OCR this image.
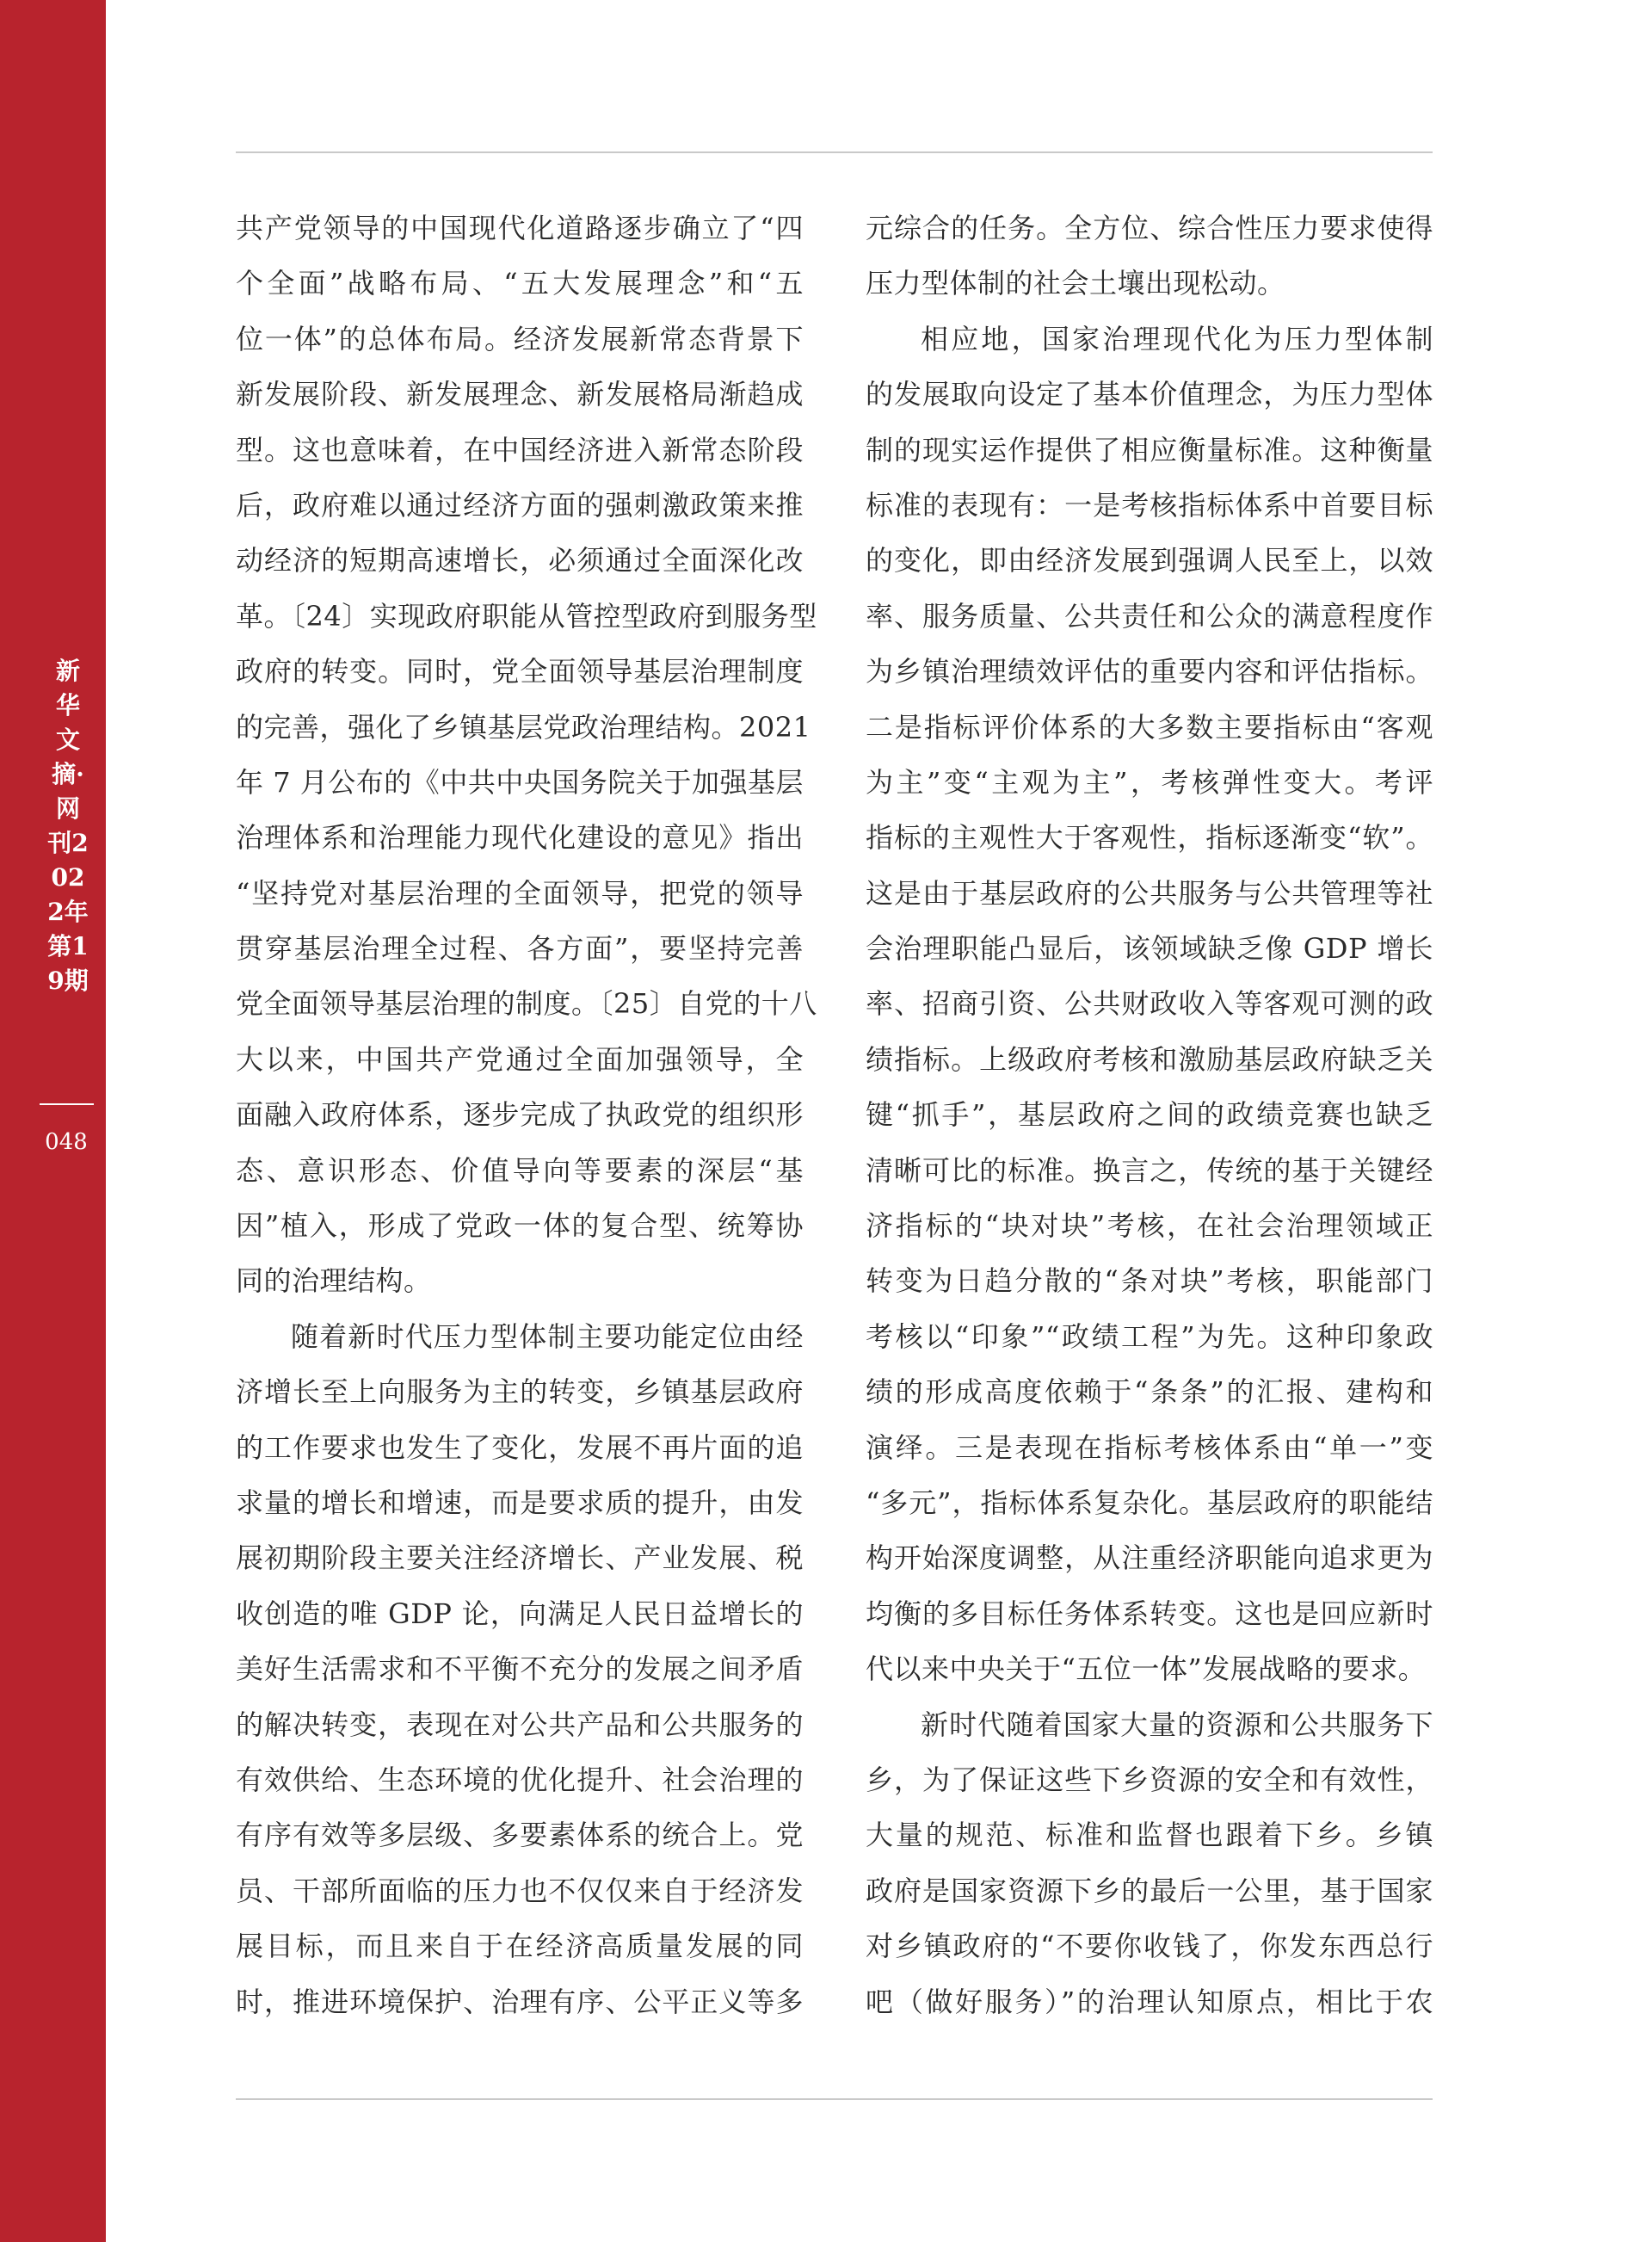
新华文摘·网刊2022年第19期
048
共产党领导的中国现代化道路逐步确立了“四
个全面”战略布局、“五大发展理念”和“五
位一体”的总体布局。经济发展新常态背景下
新发展阶段、新发展理念、新发展格局渐趋成
型。这也意味着，在中国经济进入新常态阶段
后，政府难以通过经济方面的强刺激政策来推
动经济的短期高速增长，必须通过全面深化改
革。〔24〕实现政府职能从管控型政府到服务型
政府的转变。同时，党全面领导基层治理制度
的完善，强化了乡镇基层党政治理结构。2021
年 7 月公布的《中共中央国务院关于加强基层
治理体系和治理能力现代化建设的意见》指出
“坚持党对基层治理的全面领导，把党的领导
贯穿基层治理全过程、各方面”，要坚持完善
党全面领导基层治理的制度。〔25〕自党的十八
大以来，中国共产党通过全面加强领导，全
面融入政府体系，逐步完成了执政党的组织形
态、意识形态、价值导向等要素的深层“基
因”植入，形成了党政一体的复合型、统筹协
同的治理结构。
随着新时代压力型体制主要功能定位由经
济增长至上向服务为主的转变，乡镇基层政府
的工作要求也发生了变化，发展不再片面的追
求量的增长和增速，而是要求质的提升，由发
展初期阶段主要关注经济增长、产业发展、税
收创造的唯 GDP 论，向满足人民日益增长的
美好生活需求和不平衡不充分的发展之间矛盾
的解决转变，表现在对公共产品和公共服务的
有效供给、生态环境的优化提升、社会治理的
有序有效等多层级、多要素体系的统合上。党
员、干部所面临的压力也不仅仅来自于经济发
展目标，而且来自于在经济高质量发展的同
时，推进环境保护、治理有序、公平正义等多
元综合的任务。全方位、综合性压力要求使得
压力型体制的社会土壤出现松动。
相应地，国家治理现代化为压力型体制
的发展取向设定了基本价值理念，为压力型体
制的现实运作提供了相应衡量标准。这种衡量
标准的表现有：一是考核指标体系中首要目标
的变化，即由经济发展到强调人民至上，以效
率、服务质量、公共责任和公众的满意程度作
为乡镇治理绩效评估的重要内容和评估指标。
二是指标评价体系的大多数主要指标由“客观
为主”变“主观为主”，考核弹性变大。考评
指标的主观性大于客观性，指标逐渐变“软”。
这是由于基层政府的公共服务与公共管理等社
会治理职能凸显后，该领域缺乏像 GDP 增长
率、招商引资、公共财政收入等客观可测的政
绩指标。上级政府考核和激励基层政府缺乏关
键“抓手”，基层政府之间的政绩竞赛也缺乏
清晰可比的标准。换言之，传统的基于关键经
济指标的“块对块”考核，在社会治理领域正
转变为日趋分散的“条对块”考核，职能部门
考核以“印象”“政绩工程”为先。这种印象政
绩的形成高度依赖于“条条”的汇报、建构和
演绎。三是表现在指标考核体系由“单一”变
“多元”，指标体系复杂化。基层政府的职能结
构开始深度调整，从注重经济职能向追求更为
均衡的多目标任务体系转变。这也是回应新时
代以来中央关于“五位一体”发展战略的要求。
新时代随着国家大量的资源和公共服务下
乡，为了保证这些下乡资源的安全和有效性，
大量的规范、标准和监督也跟着下乡。乡镇
政府是国家资源下乡的最后一公里，基于国家
对乡镇政府的“不要你收钱了，你发东西总行
吧（做好服务）”的治理认知原点，相比于农
